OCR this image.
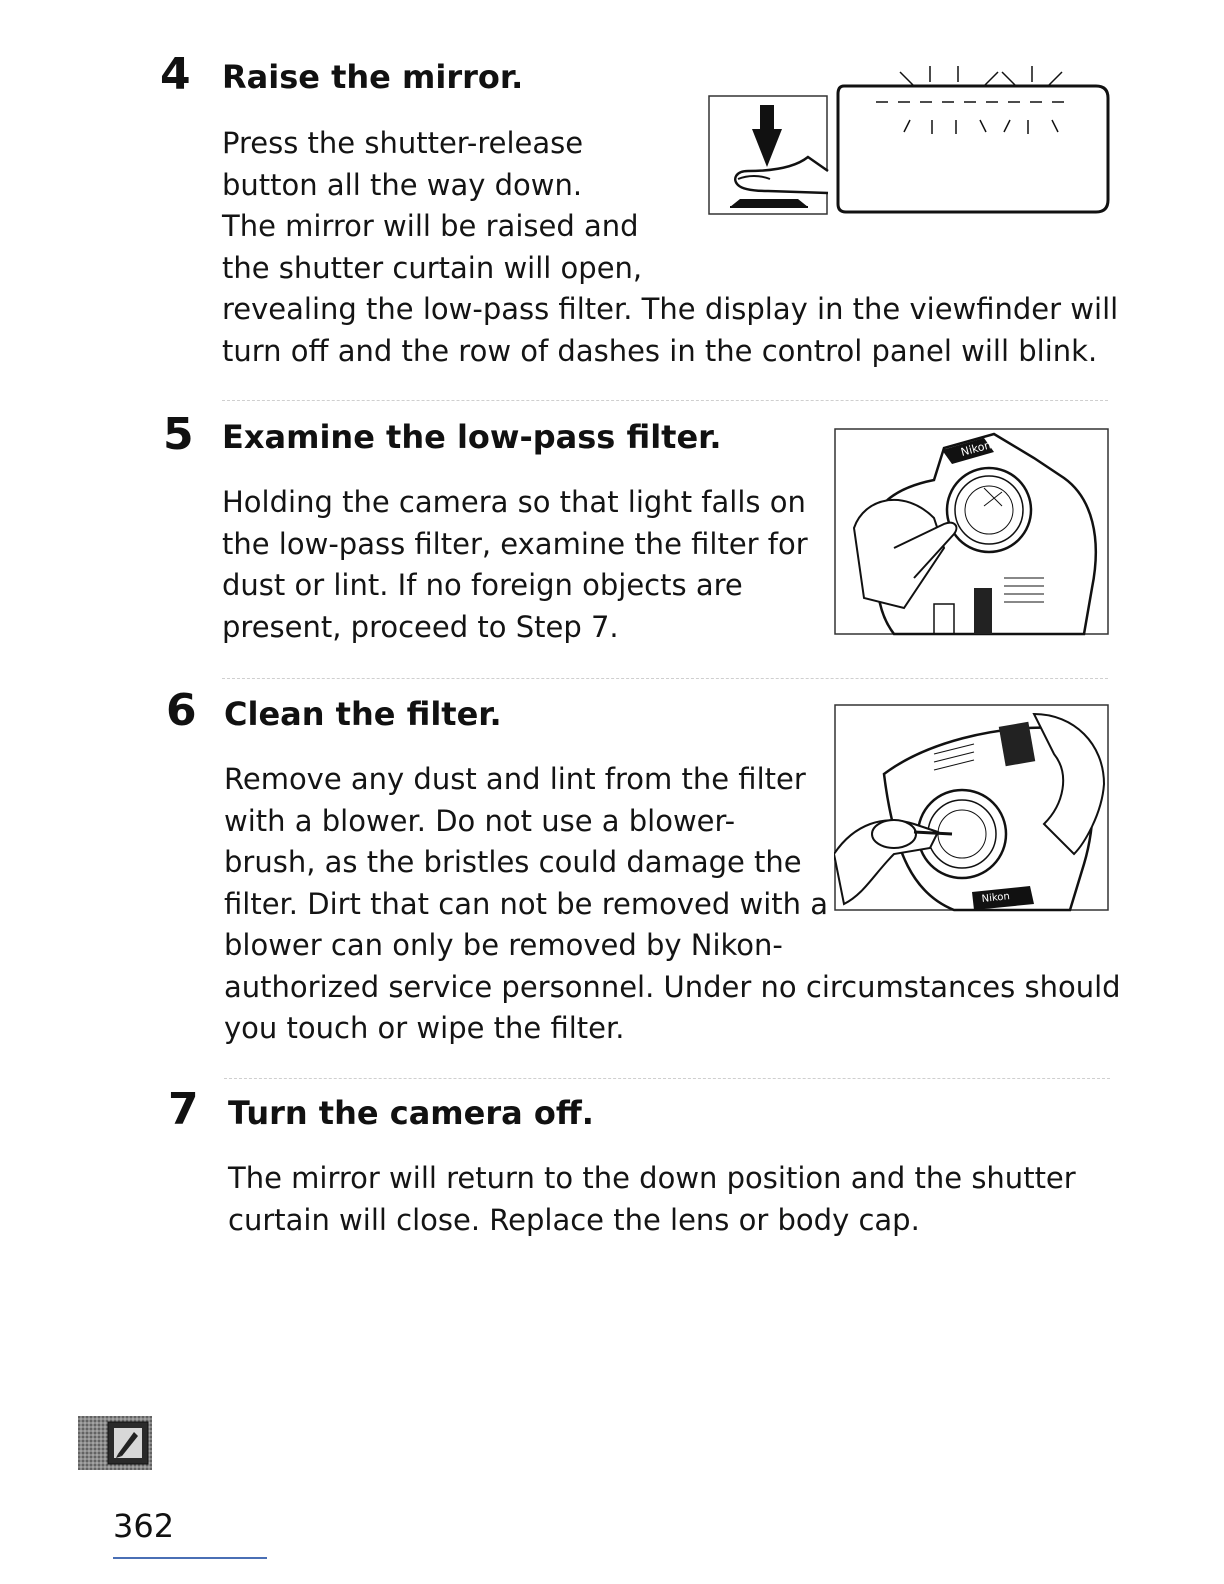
4 Raise the mirror.
Press the shutter-release
button all the way down.
The mirror will be raised and
the shutter curtain will open,
revealing the low-pass filter. The display in the viewfinder will
turn off and the row of dashes in the control panel will blink.
5 Examine the low-pass filter.
Holding the camera so that light falls on
the low-pass filter, examine the filter for
dust or lint. If no foreign objects are
present, proceed to Step 7.
Nikon
6 Clean the filter.
Remove any dust and lint from the filter
with a blower. Do not use a blower-
brush, as the bristles could damage the
filter. Dirt that can not be removed with a
blower can only be removed by Nikon-
authorized service personnel. Under no circumstances should
you touch or wipe the filter.
Nikon
7 Turn the camera off.
The mirror will return to the down position and the shutter
curtain will close. Replace the lens or body cap.
362
